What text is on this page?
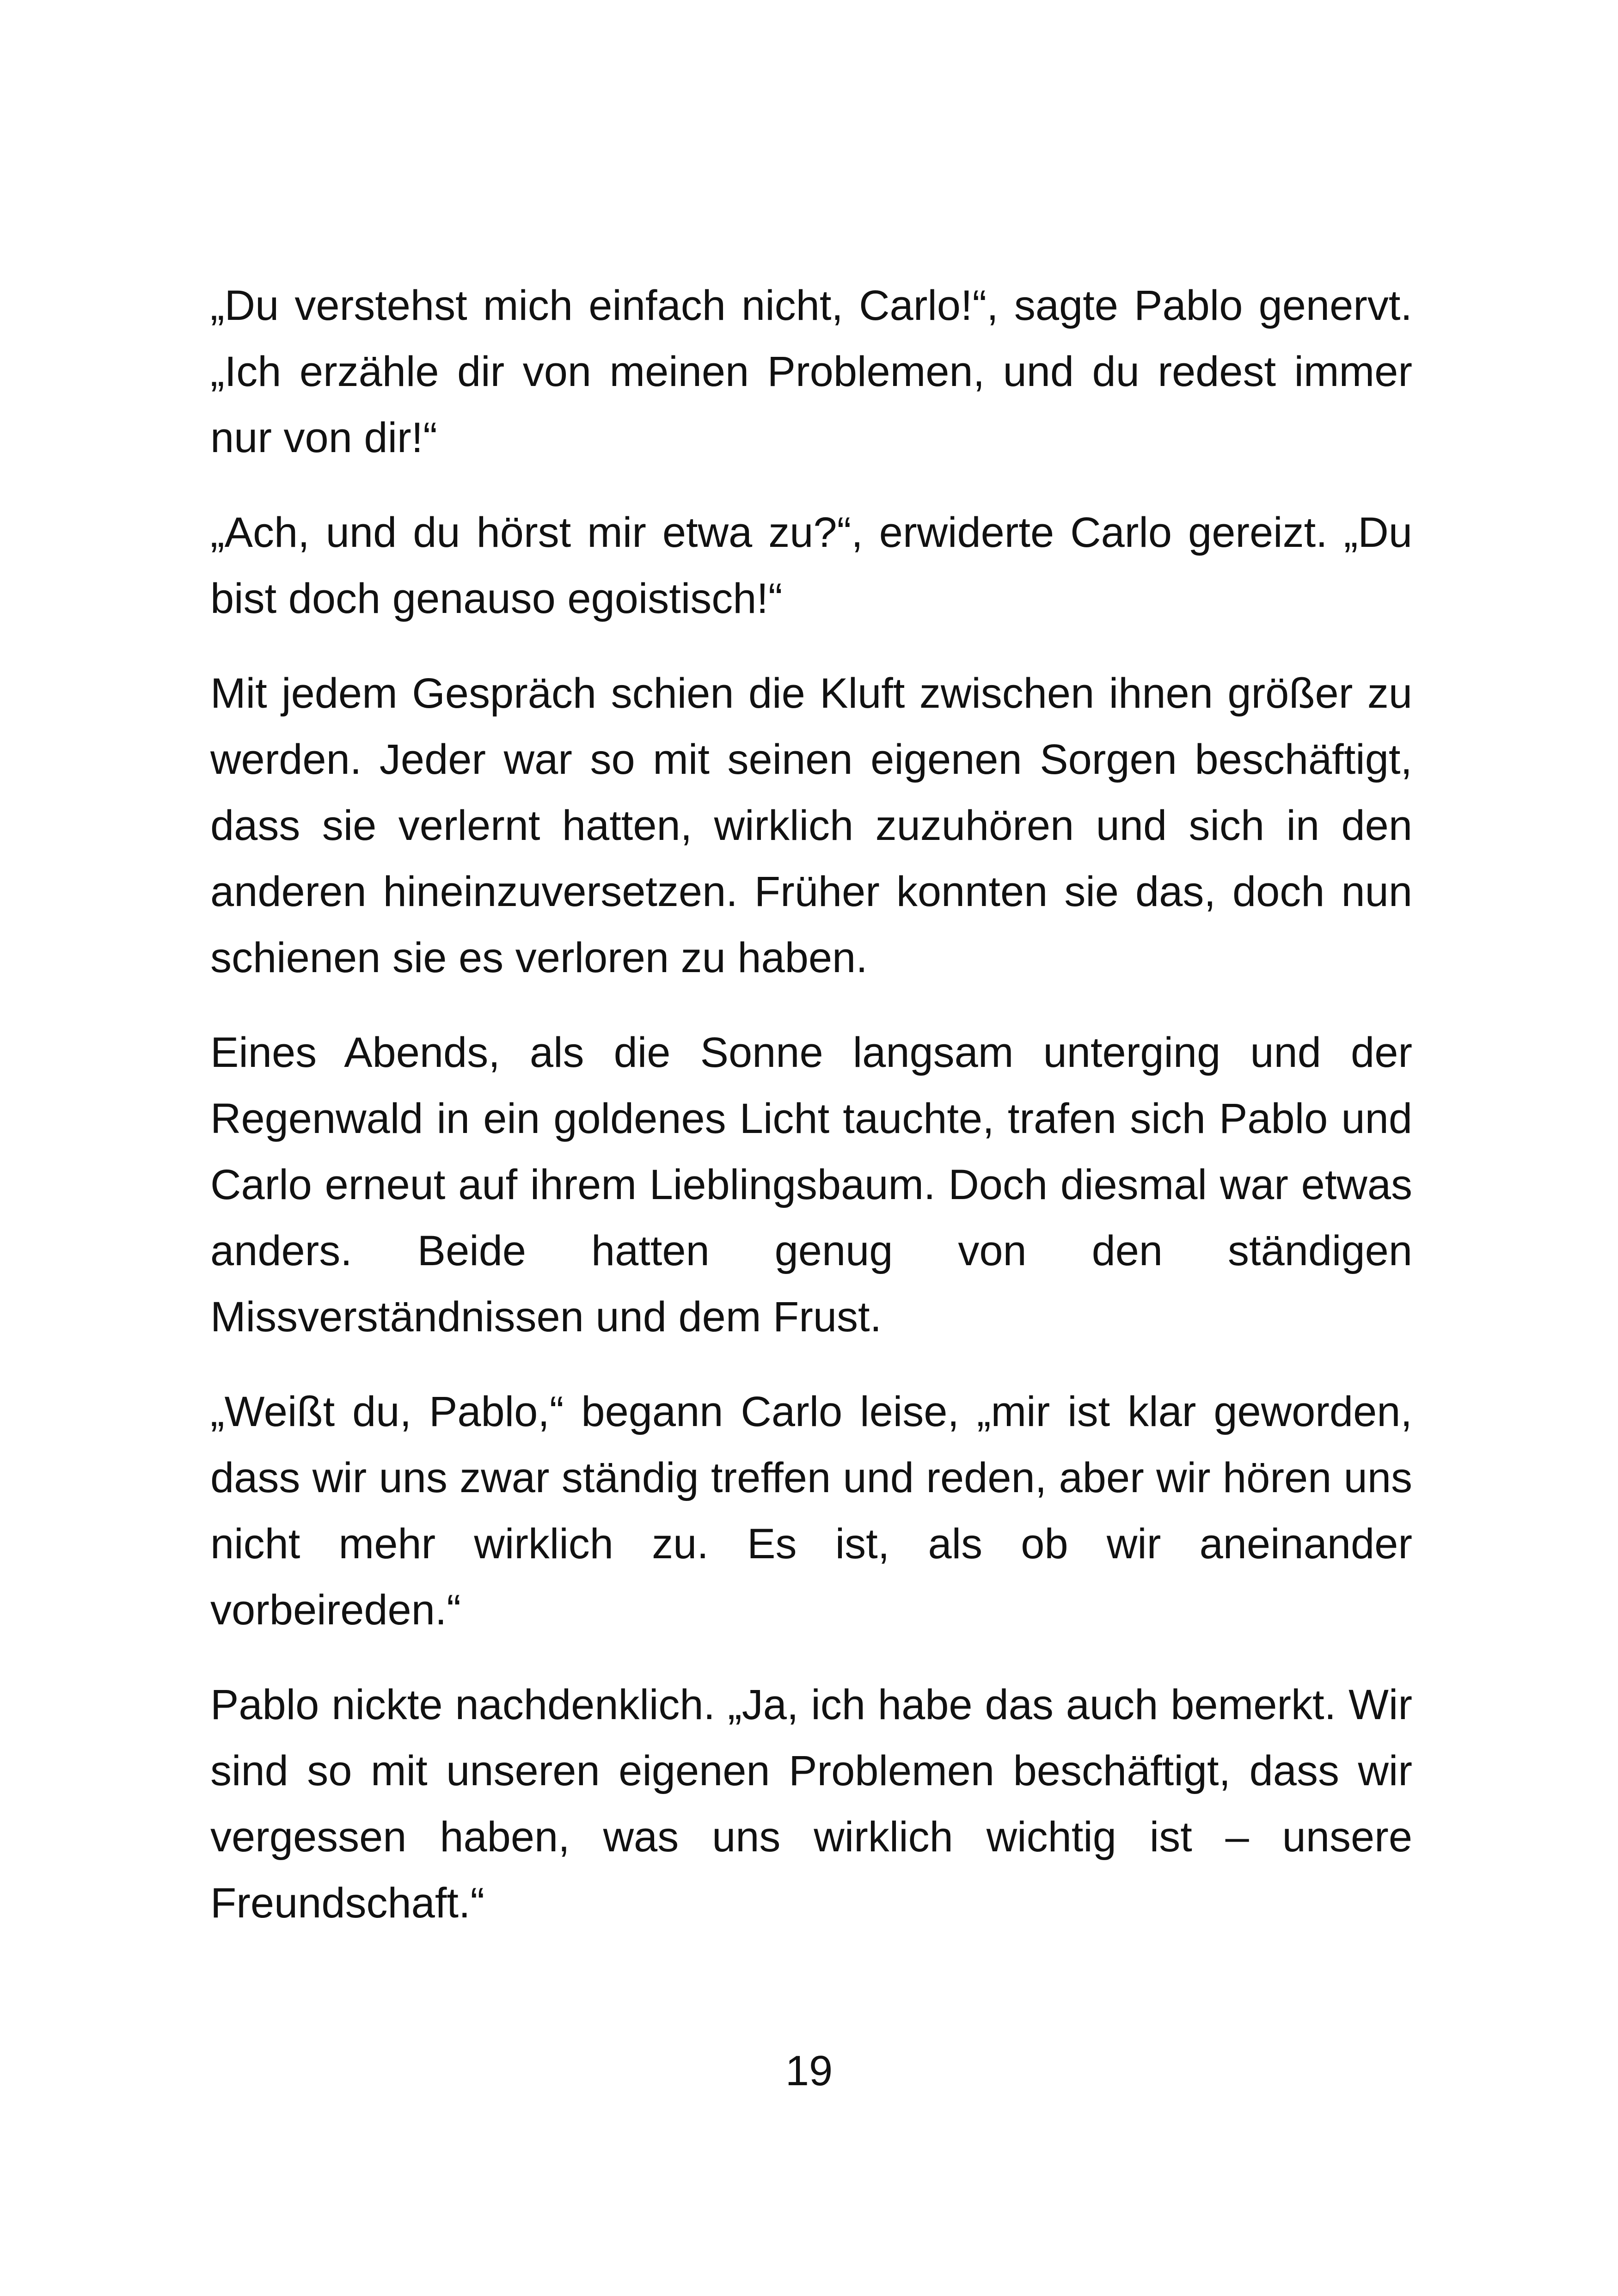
„Du verstehst mich einfach nicht, Carlo!“, sagte Pablo genervt. „Ich erzähle dir von meinen Problemen, und du redest immer nur von dir!“

„Ach, und du hörst mir etwa zu?“, erwiderte Carlo gereizt. „Du bist doch genauso egoistisch!“

Mit jedem Gespräch schien die Kluft zwischen ihnen größer zu werden. Jeder war so mit seinen eigenen Sorgen beschäftigt, dass sie verlernt hatten, wirklich zuzuhören und sich in den anderen hineinzuversetzen. Früher konnten sie das, doch nun schienen sie es verloren zu haben.

Eines Abends, als die Sonne langsam unterging und der Regenwald in ein goldenes Licht tauchte, trafen sich Pablo und Carlo erneut auf ihrem Lieblingsbaum. Doch diesmal war etwas anders. Beide hatten genug von den ständigen Missverständnissen und dem Frust.

„Weißt du, Pablo,“ begann Carlo leise, „mir ist klar geworden, dass wir uns zwar ständig treffen und reden, aber wir hören uns nicht mehr wirklich zu. Es ist, als ob wir aneinander vorbeireden.“

Pablo nickte nachdenklich. „Ja, ich habe das auch bemerkt. Wir sind so mit unseren eigenen Problemen beschäftigt, dass wir vergessen haben, was uns wirklich wichtig ist – unsere Freundschaft.“

19
